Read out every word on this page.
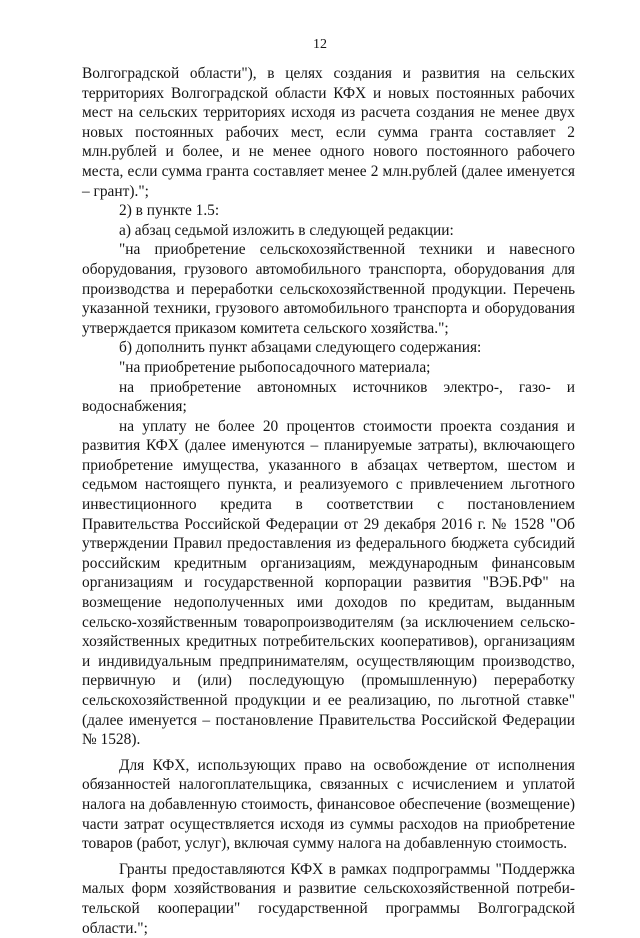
12

Волгоградской области"), в целях создания и развития на сельских территориях Волгоградской области КФХ и новых постоянных рабочих мест на сельских территориях исходя из расчета создания не менее двух новых постоянных рабочих мест, если сумма гранта составляет 2 млн.рублей и более, и не менее одного нового постоянного рабочего места, если сумма гранта составляет менее 2 млн.рублей (далее именуется – грант).";

2) в пункте 1.5:

а) абзац седьмой изложить в следующей редакции:

"на приобретение сельскохозяйственной техники и навесного оборудования, грузового автомобильного транспорта, оборудования для производства и переработки сельскохозяйственной продукции. Перечень указанной техники, грузового автомобильного транспорта и оборудования утверждается приказом комитета сельского хозяйства.";

б) дополнить пункт абзацами следующего содержания:

"на приобретение рыбопосадочного материала;

на приобретение автономных источников электро-, газо- и водоснабжения;

на уплату не более 20 процентов стоимости проекта создания и развития КФХ (далее именуются – планируемые затраты), включающего приобретение имущества, указанного в абзацах четвертом, шестом и седьмом настоящего пункта, и реализуемого с привлечением льготного инвестиционного кредита в соответствии с постановлением Правительства Российской Федерации от 29 декабря 2016 г. № 1528 "Об утверждении Правил предоставления из федерального бюджета субсидий российским кредитным организациям, международным финансовым организациям и государственной корпорации развития "ВЭБ.РФ" на возмещение недополученных ими доходов по кредитам, выданным сельско-хозяйственным товаропроизводителям (за исключением сельско-хозяйственных кредитных потребительских кооперативов), организациям и индивидуальным предпринимателям, осуществляющим производство, первичную и (или) последующую (промышленную) переработку сельскохозяйственной продукции и ее реализацию, по льготной ставке" (далее именуется – постановление Правительства Российской Федерации № 1528).

Для КФХ, использующих право на освобождение от исполнения обязанностей налогоплательщика, связанных с исчислением и уплатой налога на добавленную стоимость, финансовое обеспечение (возмещение) части затрат осуществляется исходя из суммы расходов на приобретение товаров (работ, услуг), включая сумму налога на добавленную стоимость.

Гранты предоставляются КФХ в рамках подпрограммы "Поддержка малых форм хозяйствования и развитие сельскохозяйственной потреби-тельской кооперации" государственной программы Волгоградской области.";
